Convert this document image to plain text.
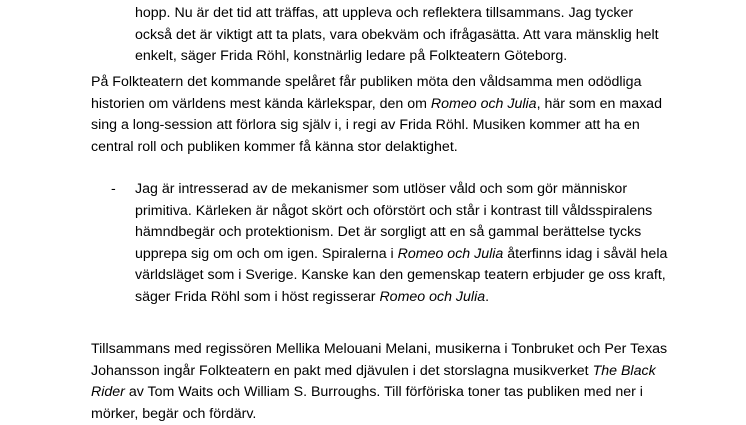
hopp. Nu är det tid att träffas, att uppleva och reflektera tillsammans. Jag tycker
också det är viktigt att ta plats, vara obekväm och ifrågasätta. Att vara mänsklig helt
enkelt, säger Frida Röhl, konstnärlig ledare på Folkteatern Göteborg.
På Folkteatern det kommande spelåret får publiken möta den våldsamma men odödliga
historien om världens mest kända kärlekspar, den om Romeo och Julia, här som en maxad
sing a long-session att förlora sig själv i, i regi av Frida Röhl. Musiken kommer att ha en
central roll och publiken kommer få känna stor delaktighet.
- Jag är intresserad av de mekanismer som utlöser våld och som gör människor
primitiva. Kärleken är något skört och oförstört och står i kontrast till våldsspiralens
hämndbegär och protektionism. Det är sorgligt att en så gammal berättelse tycks
upprepa sig om och om igen. Spiralerna i Romeo och Julia återfinns idag i såväl hela
världsläget som i Sverige. Kanske kan den gemenskap teatern erbjuder ge oss kraft,
säger Frida Röhl som i höst regisserar Romeo och Julia.
Tillsammans med regissören Mellika Melouani Melani, musikerna i Tonbruket och Per Texas
Johansson ingår Folkteatern en pakt med djävulen i det storslagna musikverket The Black
Rider av Tom Waits och William S. Burroughs. Till förföriska toner tas publiken med ner i
mörker, begär och fördärv.
